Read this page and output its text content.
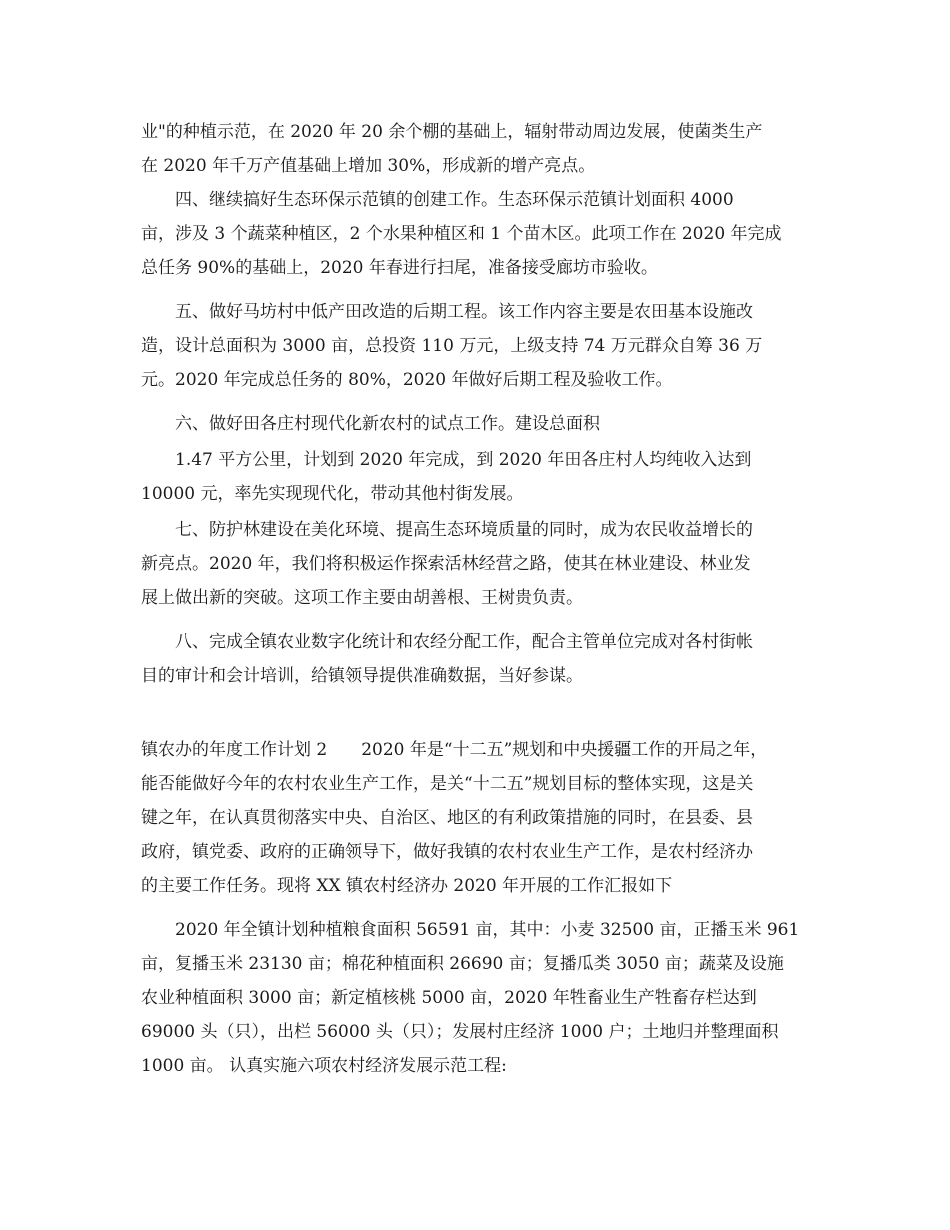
业"的种植示范，在 2020 年 20 余个棚的基础上，辐射带动周边发展，使菌类生产
在 2020 年千万产值基础上增加 30%，形成新的增产亮点。
四、继续搞好生态环保示范镇的创建工作。生态环保示范镇计划面积 4000
亩，涉及 3 个蔬菜种植区，2 个水果种植区和 1 个苗木区。此项工作在 2020 年完成
总任务 90%的基础上，2020 年春进行扫尾，准备接受廊坊市验收。
五、做好马坊村中低产田改造的后期工程。该工作内容主要是农田基本设施改
造，设计总面积为 3000 亩，总投资 110 万元，上级支持 74 万元群众自筹 36 万
元。2020 年完成总任务的 80%，2020 年做好后期工程及验收工作。
六、做好田各庄村现代化新农村的试点工作。建设总面积
1.47 平方公里，计划到 2020 年完成，到 2020 年田各庄村人均纯收入达到
10000 元，率先实现现代化，带动其他村街发展。
七、防护林建设在美化环境、提高生态环境质量的同时，成为农民收益增长的
新亮点。2020 年，我们将积极运作探索活林经营之路，使其在林业建设、林业发
展上做出新的突破。这项工作主要由胡善根、王树贵负责。
八、完成全镇农业数字化统计和农经分配工作，配合主管单位完成对各村街帐
目的审计和会计培训，给镇领导提供准确数据，当好参谋。
镇农办的年度工作计划 2　　2020 年是“十二五”规划和中央援疆工作的开局之年，
能否能做好今年的农村农业生产工作，是关“十二五”规划目标的整体实现，这是关
键之年，在认真贯彻落实中央、自治区、地区的有利政策措施的同时，在县委、县
政府，镇党委、政府的正确领导下，做好我镇的农村农业生产工作，是农村经济办
的主要工作任务。现将 XX 镇农村经济办 2020 年开展的工作汇报如下
2020 年全镇计划种植粮食面积 56591 亩，其中：小麦 32500 亩，正播玉米 961
亩，复播玉米 23130 亩；棉花种植面积 26690 亩；复播瓜类 3050 亩；蔬菜及设施
农业种植面积 3000 亩；新定植核桃 5000 亩，2020 年牲畜业生产牲畜存栏达到
69000 头（只），出栏 56000 头（只）；发展村庄经济 1000 户；土地归并整理面积
1000 亩。 认真实施六项农村经济发展示范工程:
